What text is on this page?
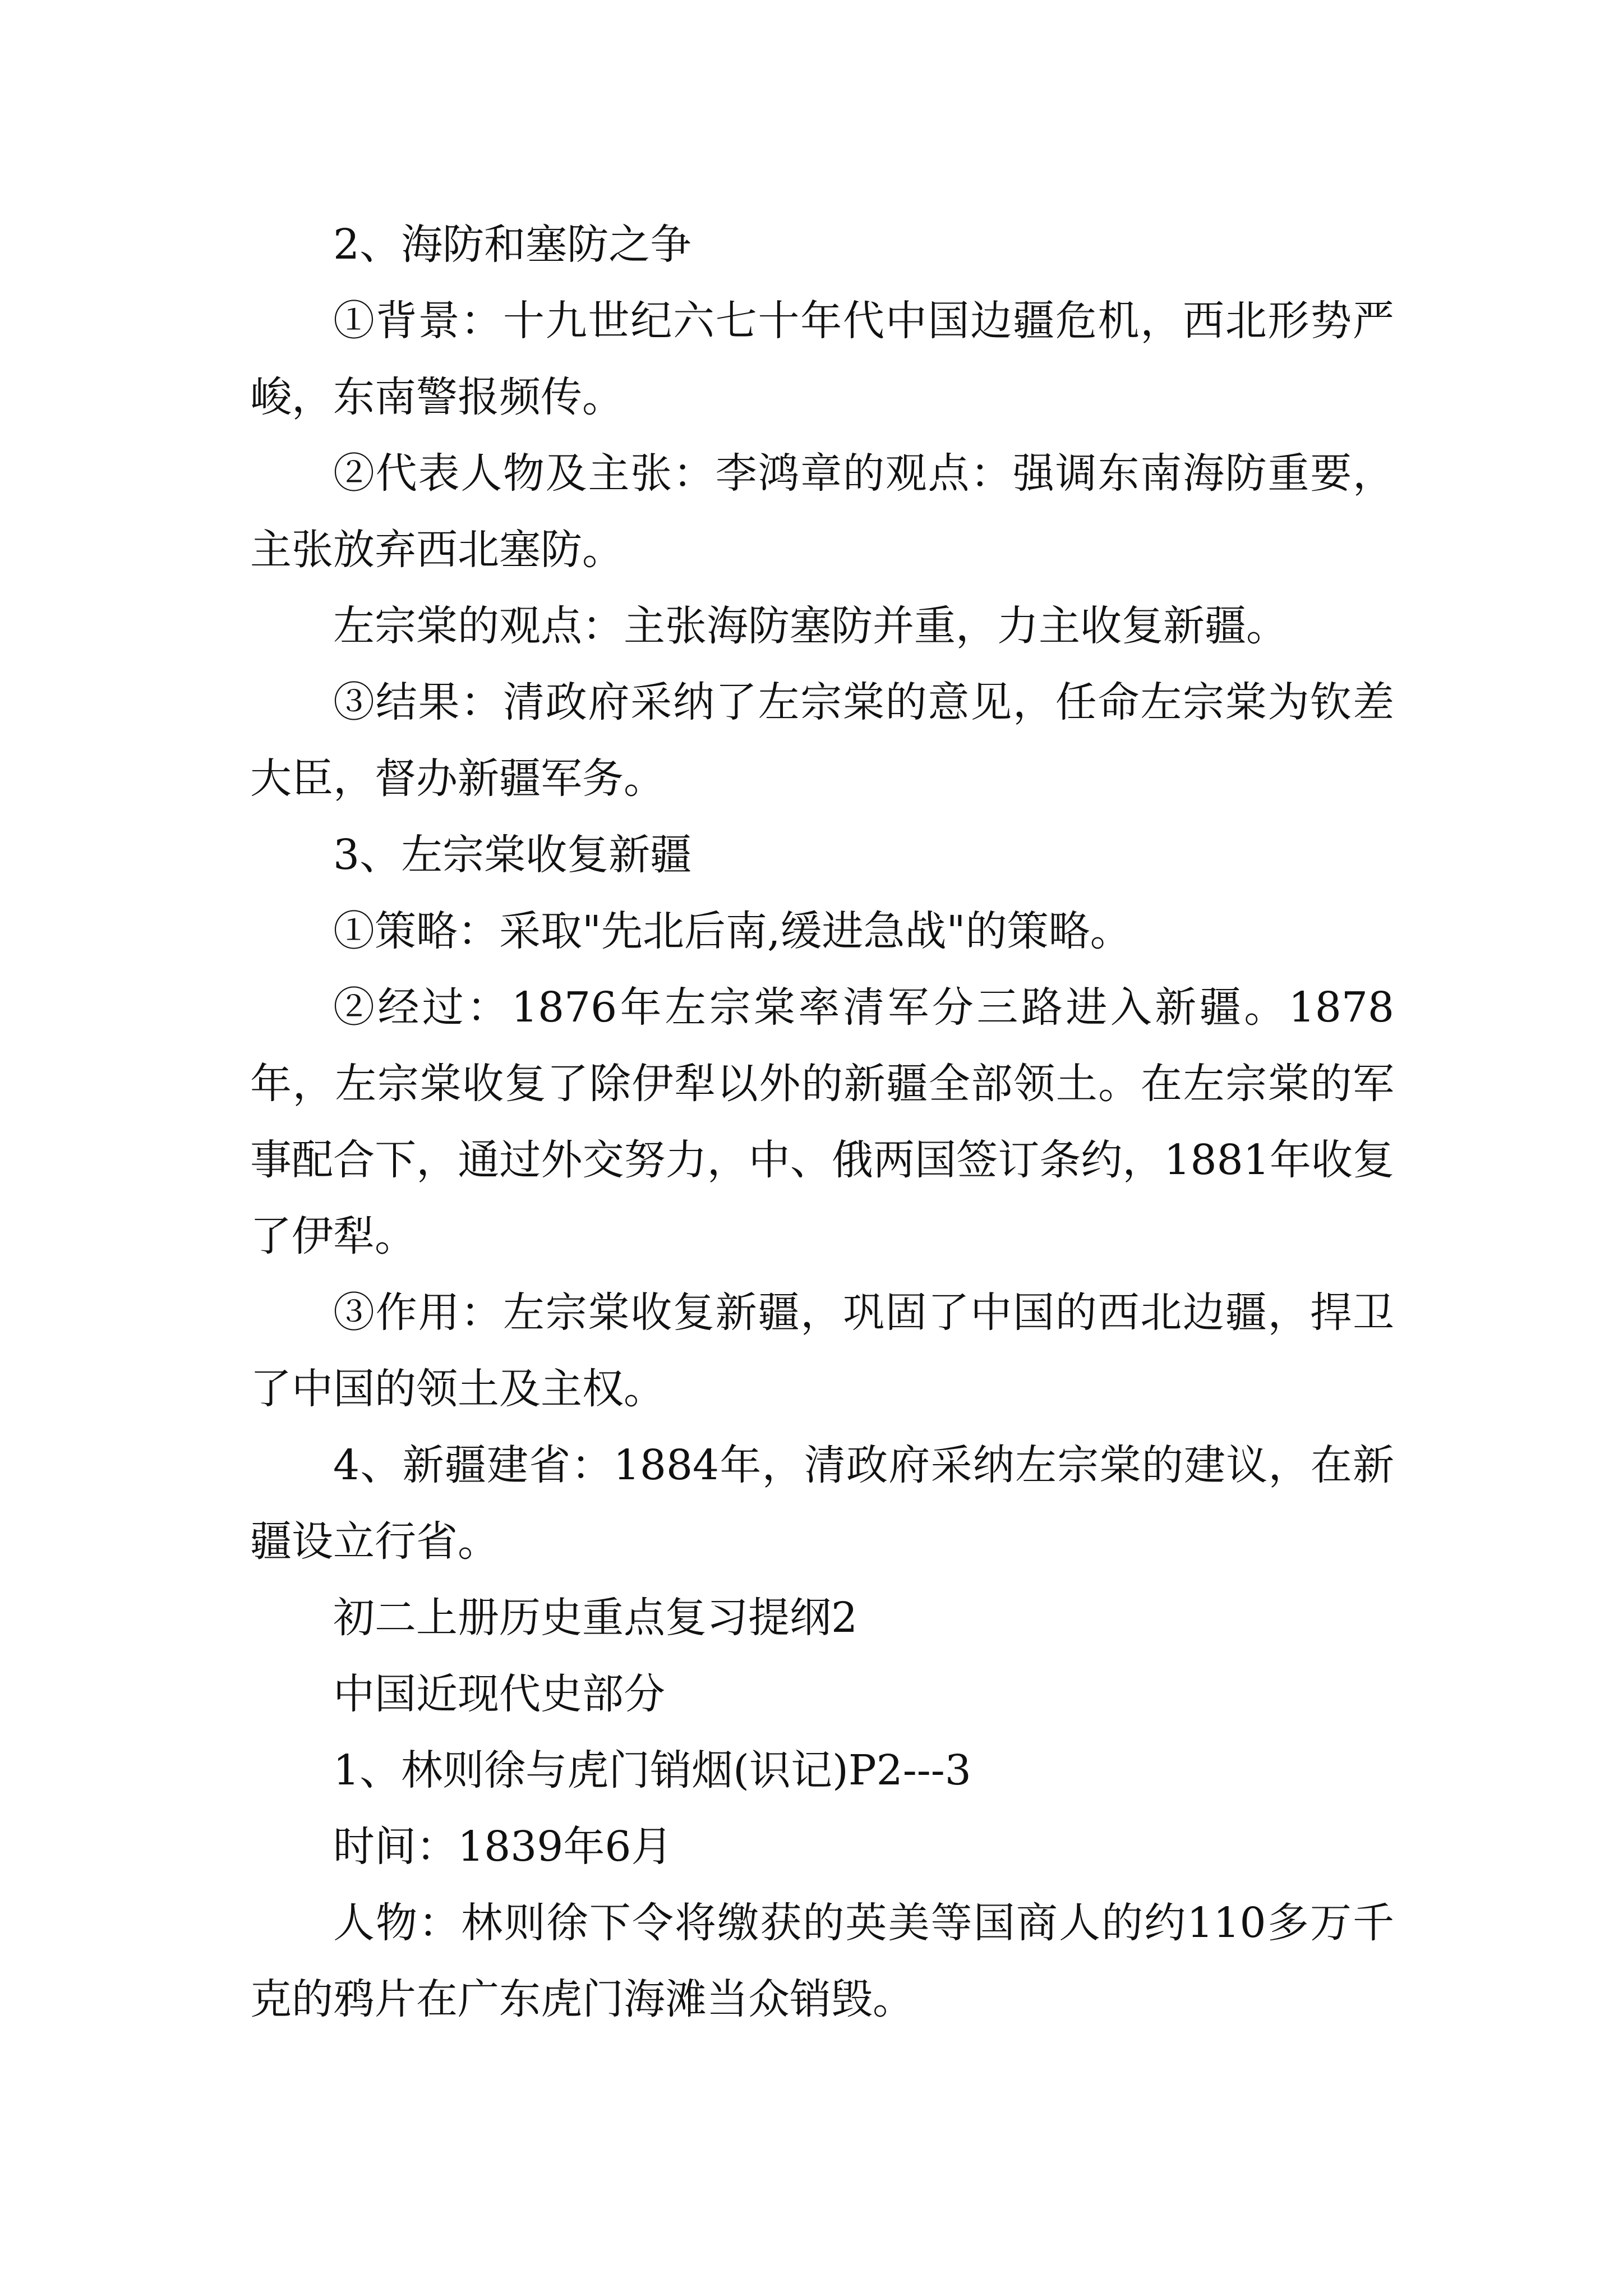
2、海防和塞防之争

①背景：十九世纪六七十年代中国边疆危机，西北形势严峻，东南警报频传。

②代表人物及主张：李鸿章的观点：强调东南海防重要，主张放弃西北塞防。

左宗棠的观点：主张海防塞防并重，力主收复新疆。

③结果：清政府采纳了左宗棠的意见，任命左宗棠为钦差大臣，督办新疆军务。

3、左宗棠收复新疆

①策略：采取"先北后南,缓进急战"的策略。

②经过：1876年左宗棠率清军分三路进入新疆。1878年，左宗棠收复了除伊犁以外的新疆全部领土。在左宗棠的军事配合下，通过外交努力，中、俄两国签订条约，1881年收复了伊犁。

③作用：左宗棠收复新疆，巩固了中国的西北边疆，捍卫了中国的领土及主权。

4、新疆建省：1884年，清政府采纳左宗棠的建议，在新疆设立行省。

初二上册历史重点复习提纲2

中国近现代史部分

1、林则徐与虎门销烟(识记)P2---3

时间：1839年6月

人物：林则徐下令将缴获的英美等国商人的约110多万千克的鸦片在广东虎门海滩当众销毁。
